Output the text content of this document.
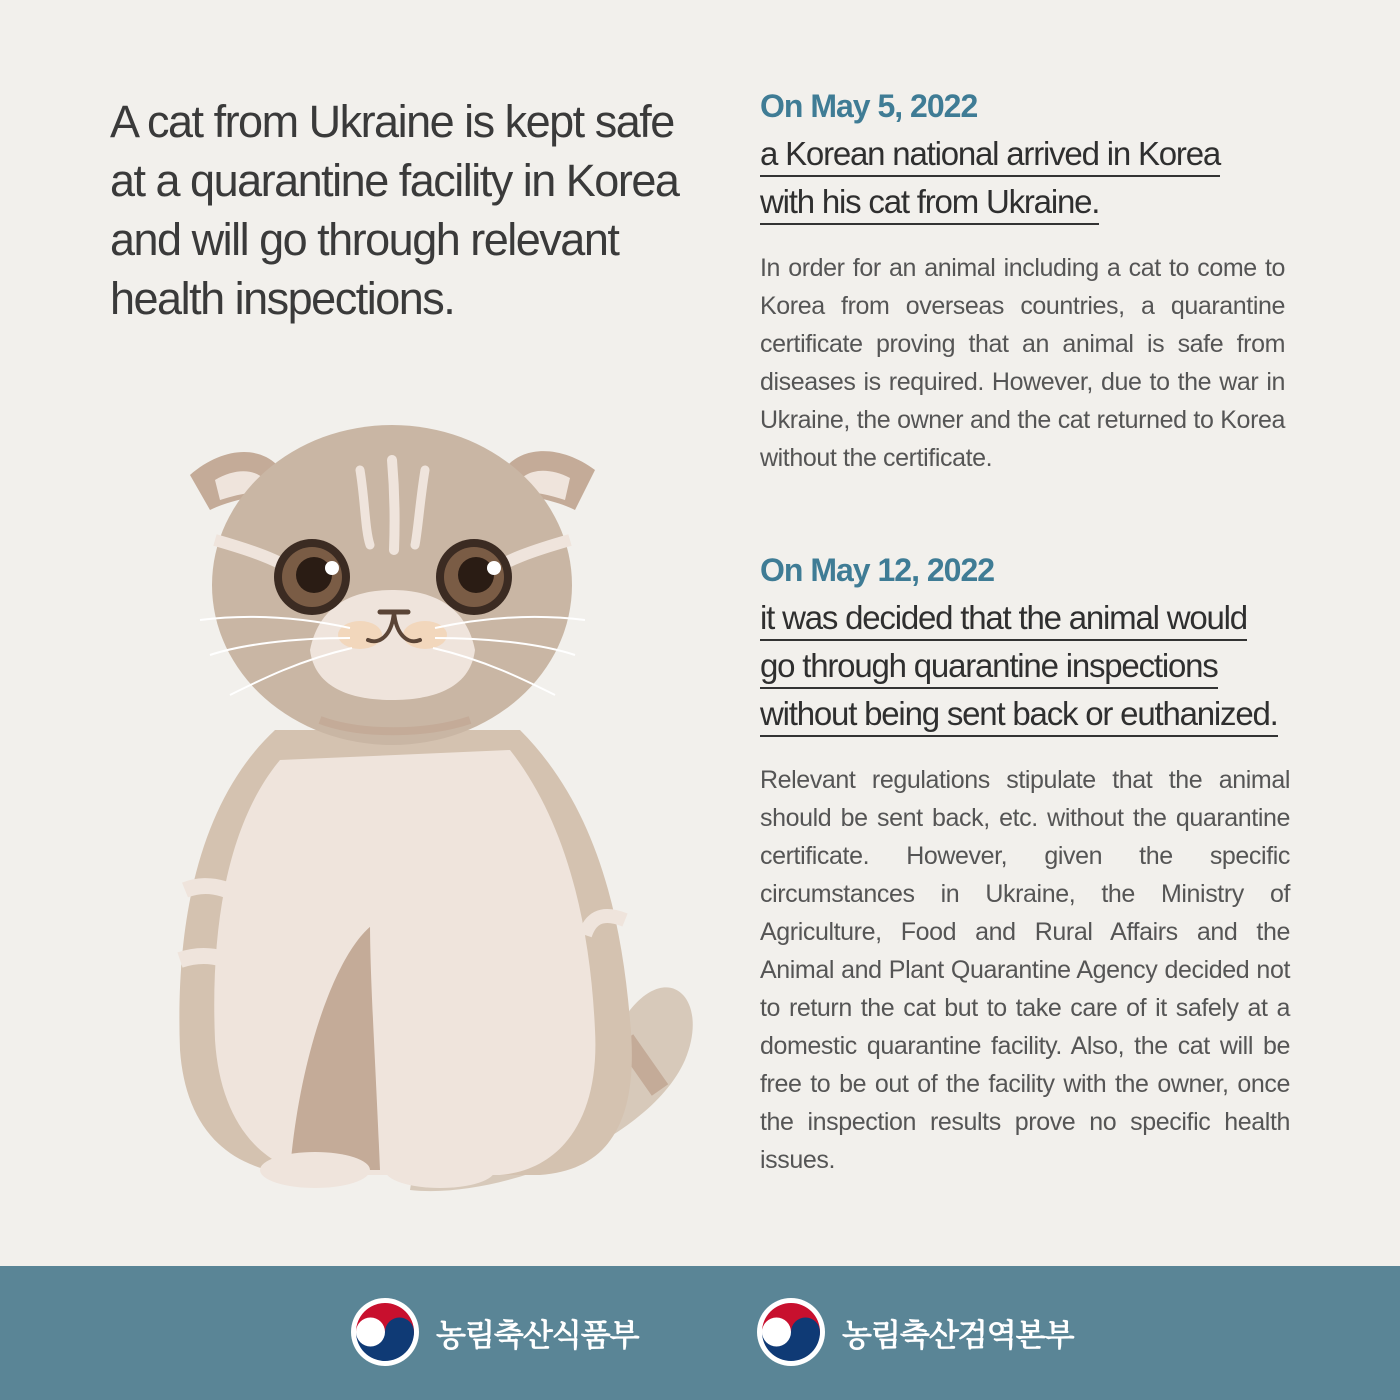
A cat from Ukraine is kept safe
at a quarantine facility in Korea
and will go through relevant
health inspections.

On May 5, 2022

a Korean national arrived in Korea

with his cat from Ukraine.

In order for an animal including a cat to come to Korea from overseas countries, a quarantine certificate proving that an animal is safe from diseases is required. However, due to the war in Ukraine, the owner and the cat returned to Korea without the certificate.

On May 12, 2022

it was decided that the animal would

go through quarantine inspections

without being sent back or euthanized.

Relevant regulations stipulate that the animal should be sent back, etc. without the quarantine certificate. However, given the specific circumstances in Ukraine, the Ministry of Agriculture, Food and Rural Affairs and the Animal and Plant Quarantine Agency decided not to return the cat but to take care of it safely at a domestic quarantine facility. Also, the cat will be free to be out of the facility with the owner, once the inspection results prove no specific health issues.

농림축산식품부	농림축산검역본부
